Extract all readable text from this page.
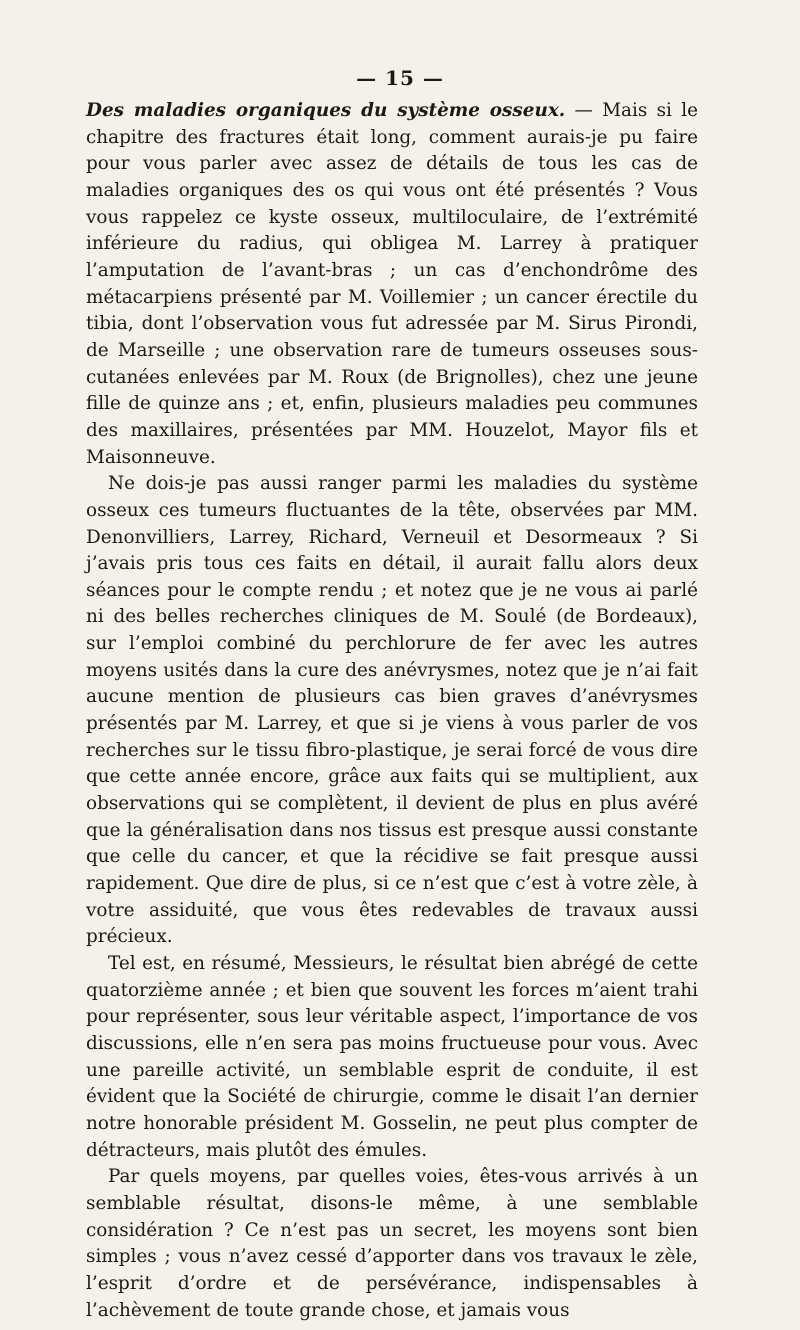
— 15 —

Des maladies organiques du système osseux. — Mais si le chapitre des fractures était long, comment aurais-je pu faire pour vous parler avec assez de détails de tous les cas de maladies organiques des os qui vous ont été présentés ? Vous vous rappelez ce kyste osseux, multiloculaire, de l’extrémité inférieure du radius, qui obligea M. Larrey à pratiquer l’amputation de l’avant-bras ; un cas d’enchondrôme des métacarpiens présenté par M. Voillemier ; un cancer érectile du tibia, dont l’observation vous fut adressée par M. Sirus Pirondi, de Marseille ; une observation rare de tumeurs osseuses sous-cutanées enlevées par M. Roux (de Brignolles), chez une jeune fille de quinze ans ; et, enfin, plusieurs maladies peu communes des maxillaires, présentées par MM. Houzelot, Mayor fils et Maisonneuve.

Ne dois-je pas aussi ranger parmi les maladies du système osseux ces tumeurs fluctuantes de la tête, observées par MM. Denonvilliers, Larrey, Richard, Verneuil et Desormeaux ? Si j’avais pris tous ces faits en détail, il aurait fallu alors deux séances pour le compte rendu ; et notez que je ne vous ai parlé ni des belles recherches cliniques de M. Soulé (de Bordeaux), sur l’emploi combiné du perchlorure de fer avec les autres moyens usités dans la cure des anévrysmes, notez que je n’ai fait aucune mention de plusieurs cas bien graves d’anévrysmes présentés par M. Larrey, et que si je viens à vous parler de vos recherches sur le tissu fibro-plastique, je serai forcé de vous dire que cette année encore, grâce aux faits qui se multiplient, aux observations qui se complètent, il devient de plus en plus avéré que la généralisation dans nos tissus est presque aussi constante que celle du cancer, et que la récidive se fait presque aussi rapidement. Que dire de plus, si ce n’est que c’est à votre zèle, à votre assiduité, que vous êtes redevables de travaux aussi précieux.

Tel est, en résumé, Messieurs, le résultat bien abrégé de cette quatorzième année ; et bien que souvent les forces m’aient trahi pour représenter, sous leur véritable aspect, l’importance de vos discussions, elle n’en sera pas moins fructueuse pour vous. Avec une pareille activité, un semblable esprit de conduite, il est évident que la Société de chirurgie, comme le disait l’an dernier notre honorable président M. Gosselin, ne peut plus compter de détracteurs, mais plutôt des émules.

Par quels moyens, par quelles voies, êtes-vous arrivés à un semblable résultat, disons-le même, à une semblable considération ? Ce n’est pas un secret, les moyens sont bien simples ; vous n’avez cessé d’apporter dans vos travaux le zèle, l’esprit d’ordre et de persévérance, indispensables à l’achèvement de toute grande chose, et jamais vous
